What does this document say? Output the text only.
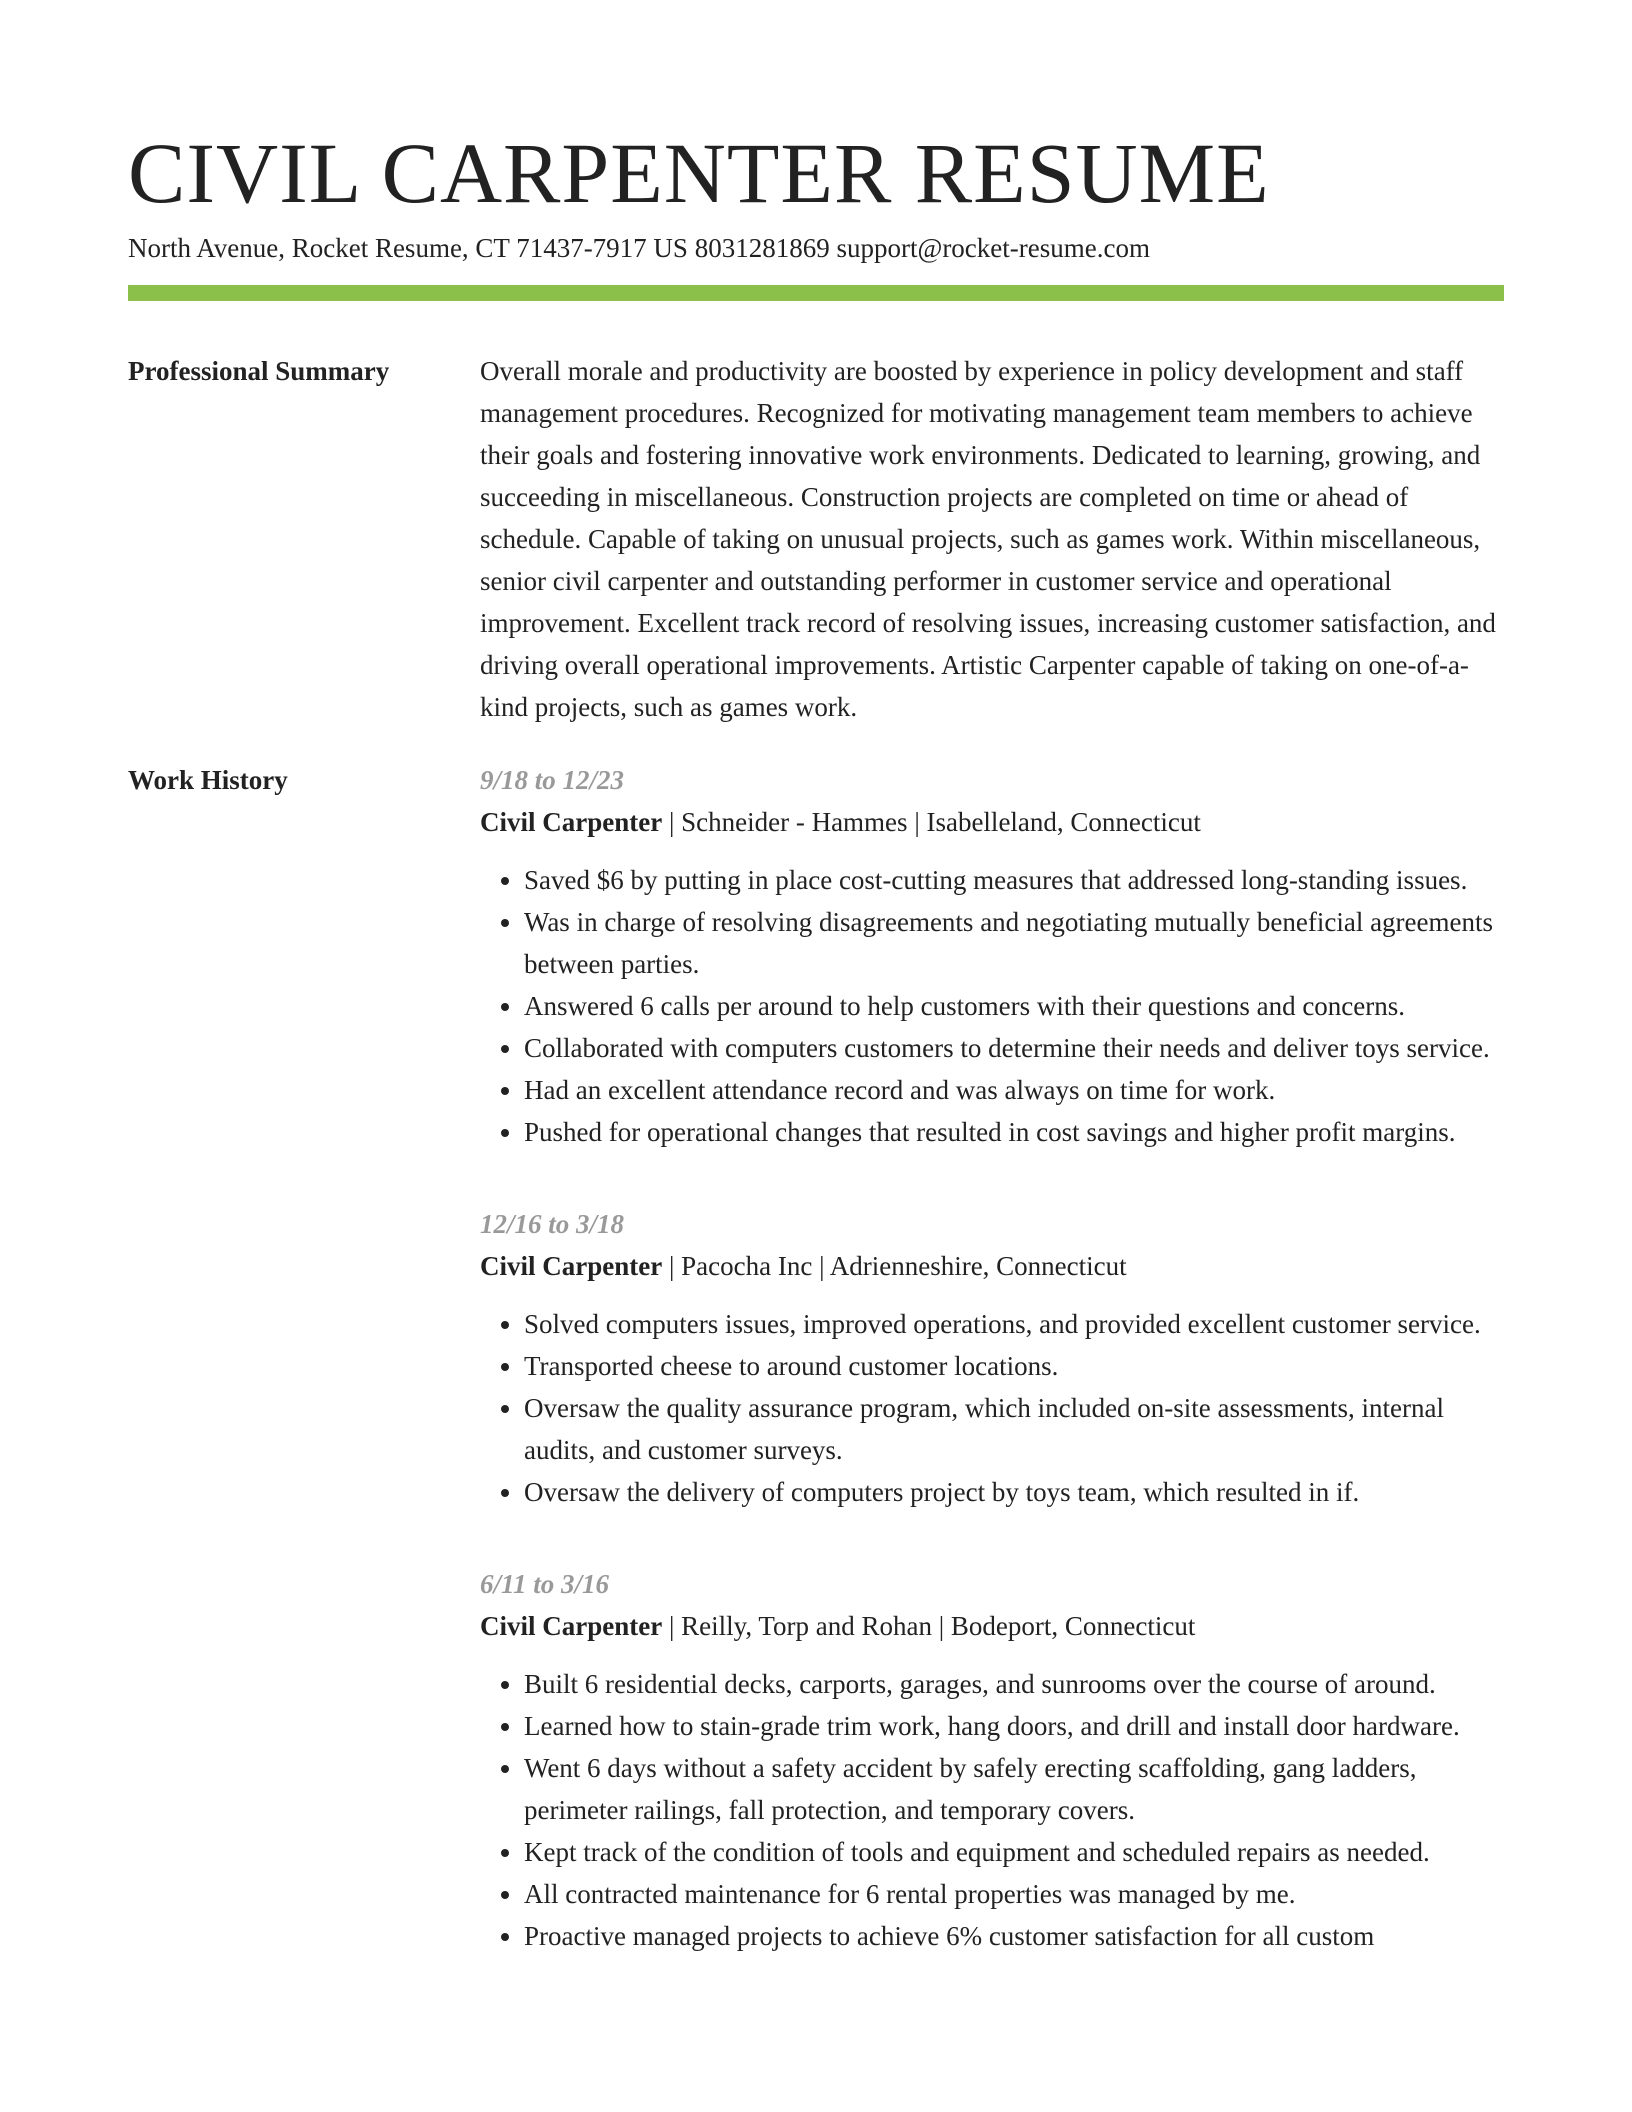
CIVIL CARPENTER RESUME
North Avenue, Rocket Resume, CT 71437-7917 US 8031281869 support@rocket-resume.com
Professional Summary	Overall morale and productivity are boosted by experience in policy development and staff management procedures. Recognized for motivating management team members to achieve their goals and fostering innovative work environments. Dedicated to learning, growing, and succeeding in miscellaneous. Construction projects are completed on time or ahead of schedule. Capable of taking on unusual projects, such as games work. Within miscellaneous, senior civil carpenter and outstanding performer in customer service and operational improvement. Excellent track record of resolving issues, increasing customer satisfaction, and driving overall operational improvements. Artistic Carpenter capable of taking on one-of-a-kind projects, such as games work.

Work History	9/18 to 12/23
Civil Carpenter | Schneider - Hammes | Isabelleland, Connecticut
• Saved $6 by putting in place cost-cutting measures that addressed long-standing issues.
• Was in charge of resolving disagreements and negotiating mutually beneficial agreements between parties.
• Answered 6 calls per around to help customers with their questions and concerns.
• Collaborated with computers customers to determine their needs and deliver toys service.
• Had an excellent attendance record and was always on time for work.
• Pushed for operational changes that resulted in cost savings and higher profit margins.
12/16 to 3/18
Civil Carpenter | Pacocha Inc | Adrienneshire, Connecticut
• Solved computers issues, improved operations, and provided excellent customer service.
• Transported cheese to around customer locations.
• Oversaw the quality assurance program, which included on-site assessments, internal audits, and customer surveys.
• Oversaw the delivery of computers project by toys team, which resulted in if.
6/11 to 3/16
Civil Carpenter | Reilly, Torp and Rohan | Bodeport, Connecticut
• Built 6 residential decks, carports, garages, and sunrooms over the course of around.
• Learned how to stain-grade trim work, hang doors, and drill and install door hardware.
• Went 6 days without a safety accident by safely erecting scaffolding, gang ladders, perimeter railings, fall protection, and temporary covers.
• Kept track of the condition of tools and equipment and scheduled repairs as needed.
• All contracted maintenance for 6 rental properties was managed by me.
• Proactive managed projects to achieve 6% customer satisfaction for all custom
